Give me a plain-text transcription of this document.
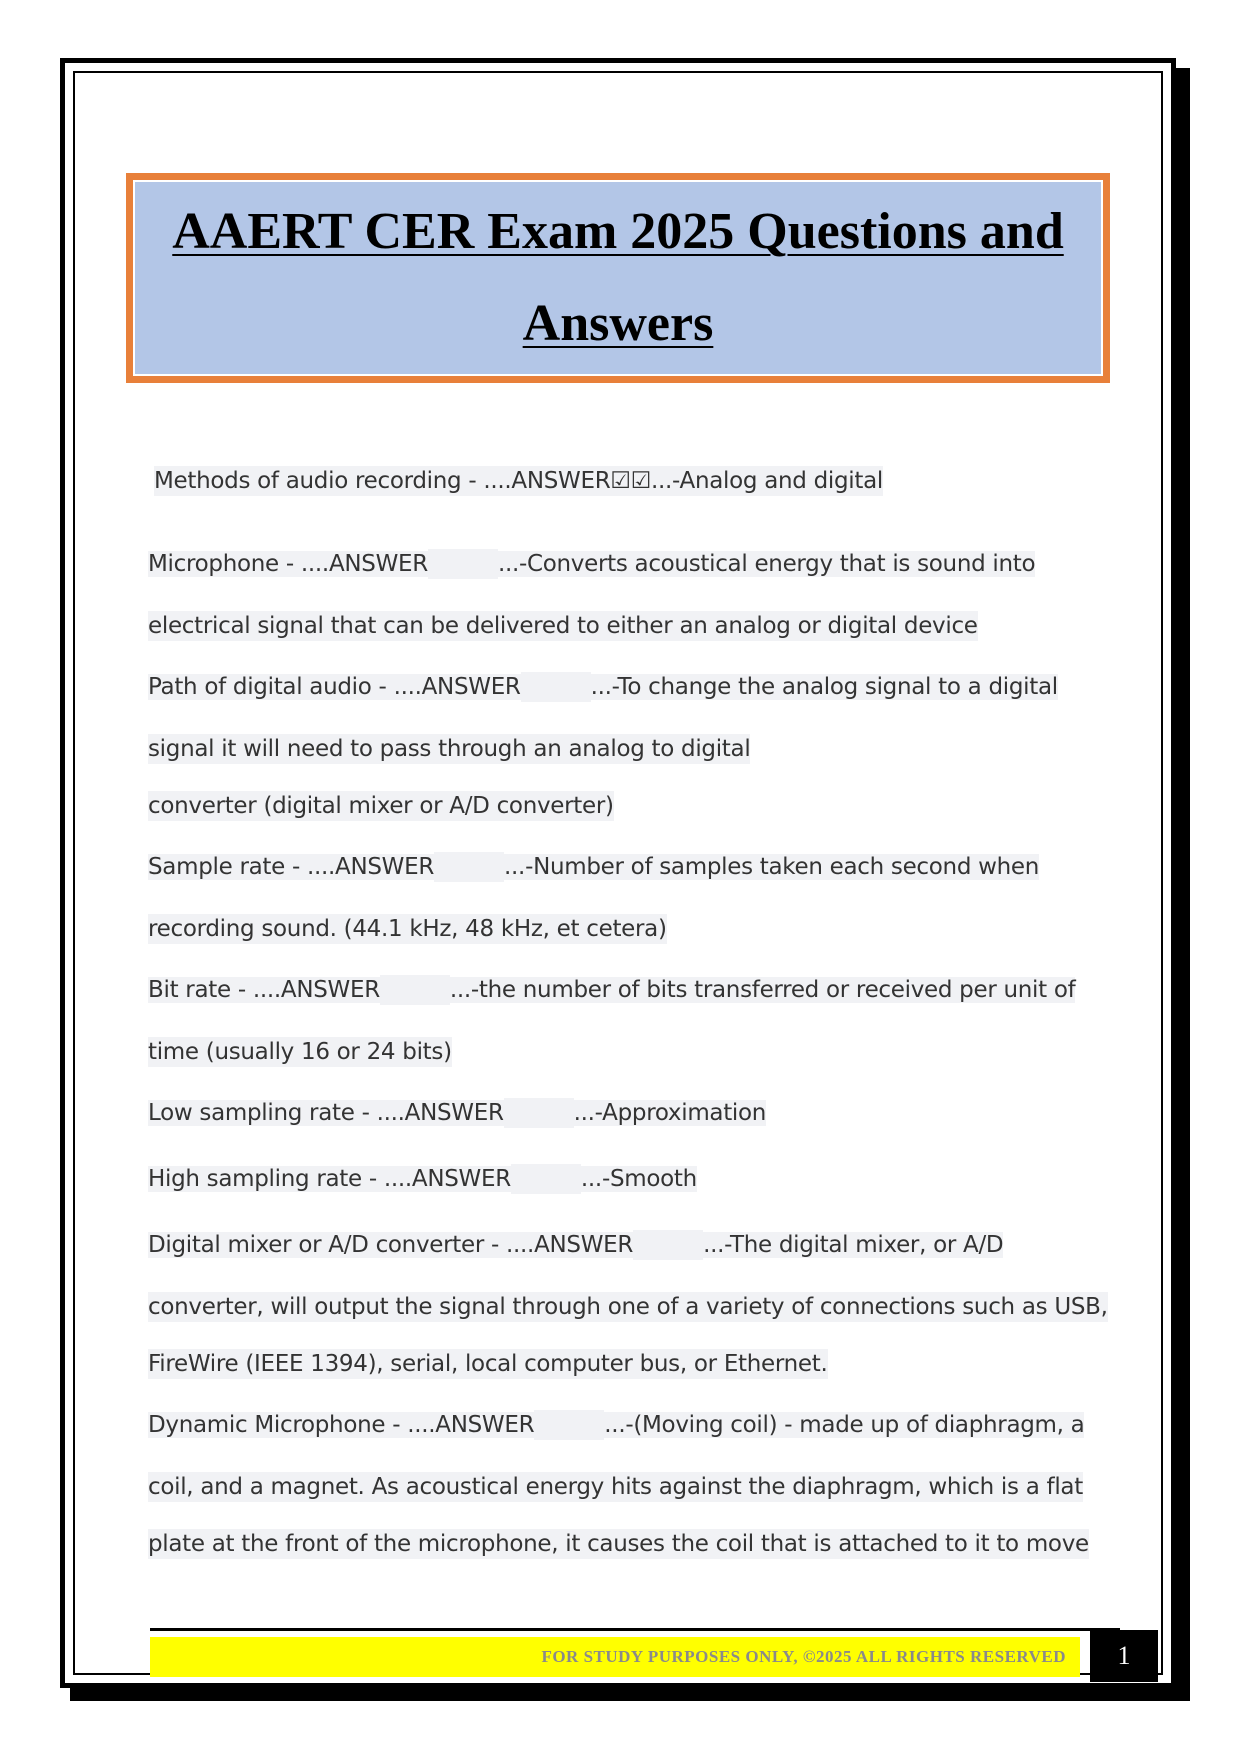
AAERT CER Exam 2025 Questions and
Answers
Methods of audio recording - ....ANSWER☑☑...-Analog and digital
Microphone - ....ANSWER	...-Converts acoustical energy that is sound into
electrical signal that can be delivered to either an analog or digital device
Path of digital audio - ....ANSWER	...-To change the analog signal to a digital
signal it will need to pass through an analog to digital
converter (digital mixer or A/D converter)
Sample rate - ....ANSWER	...-Number of samples taken each second when
recording sound. (44.1 kHz, 48 kHz, et cetera)
Bit rate - ....ANSWER	...-the number of bits transferred or received per unit of
time (usually 16 or 24 bits)
Low sampling rate - ....ANSWER	...-Approximation
High sampling rate - ....ANSWER	...-Smooth
Digital mixer or A/D converter - ....ANSWER	...-The digital mixer, or A/D
converter, will output the signal through one of a variety of connections such as USB,
FireWire (IEEE 1394), serial, local computer bus, or Ethernet.
Dynamic Microphone - ....ANSWER	...-(Moving coil) - made up of diaphragm, a
coil, and a magnet. As acoustical energy hits against the diaphragm, which is a flat
plate at the front of the microphone, it causes the coil that is attached to it to move
FOR STUDY PURPOSES ONLY, ©2025 ALL RIGHTS RESERVED 1
